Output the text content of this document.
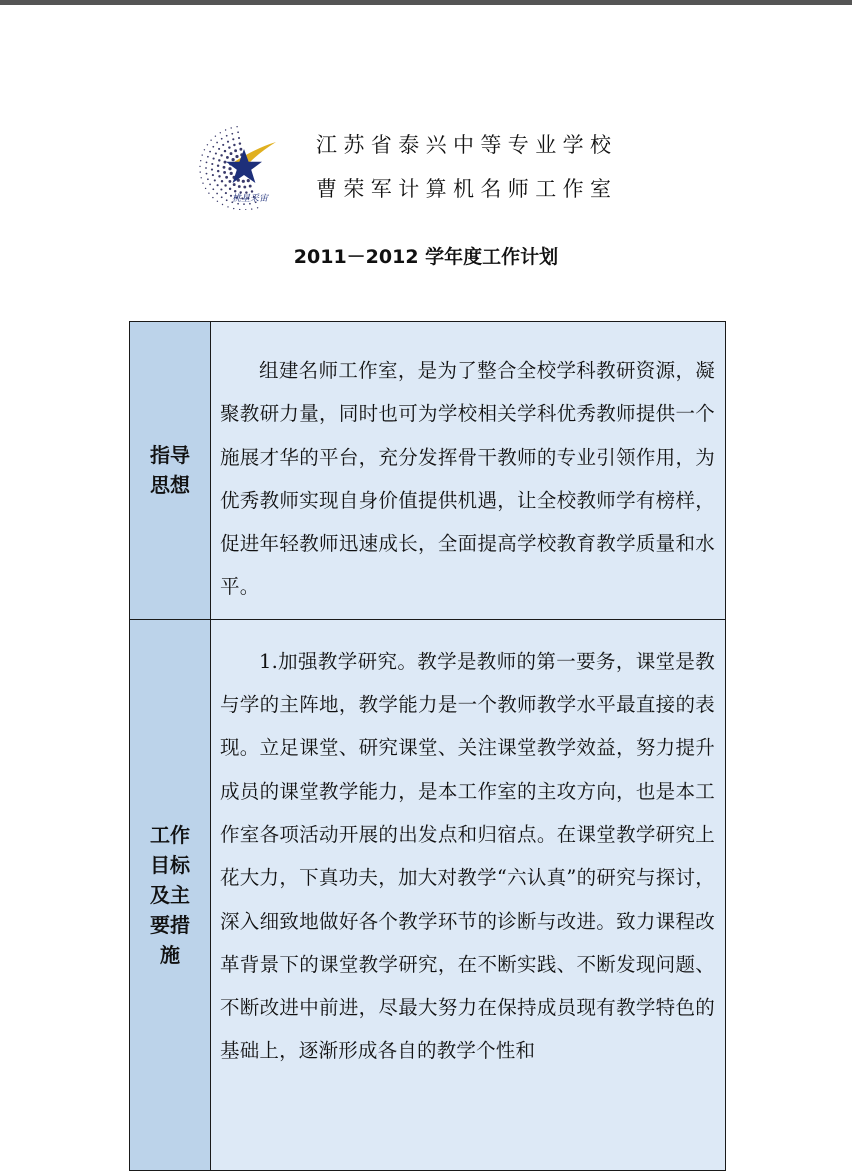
桃星采宙
江苏省泰兴中等专业学校
曹荣军计算机名师工作室
2011－2012 学年度工作计划
指导思想	组建名师工作室，是为了整合全校学科教研资源，凝聚教研力量，同时也可为学校相关学科优秀教师提供一个施展才华的平台，充分发挥骨干教师的专业引领作用，为优秀教师实现自身价值提供机遇，让全校教师学有榜样，促进年轻教师迅速成长，全面提高学校教育教学质量和水平。
工作目标及主要措施	1.加强教学研究。教学是教师的第一要务，课堂是教与学的主阵地，教学能力是一个教师教学水平最直接的表现。立足课堂、研究课堂、关注课堂教学效益，努力提升成员的课堂教学能力，是本工作室的主攻方向，也是本工作室各项活动开展的出发点和归宿点。在课堂教学研究上花大力，下真功夫，加大对教学“六认真”的研究与探讨，深入细致地做好各个教学环节的诊断与改进。致力课程改革背景下的课堂教学研究，在不断实践、不断发现问题、不断改进中前进，尽最大努力在保持成员现有教学特色的基础上，逐渐形成各自的教学个性和
